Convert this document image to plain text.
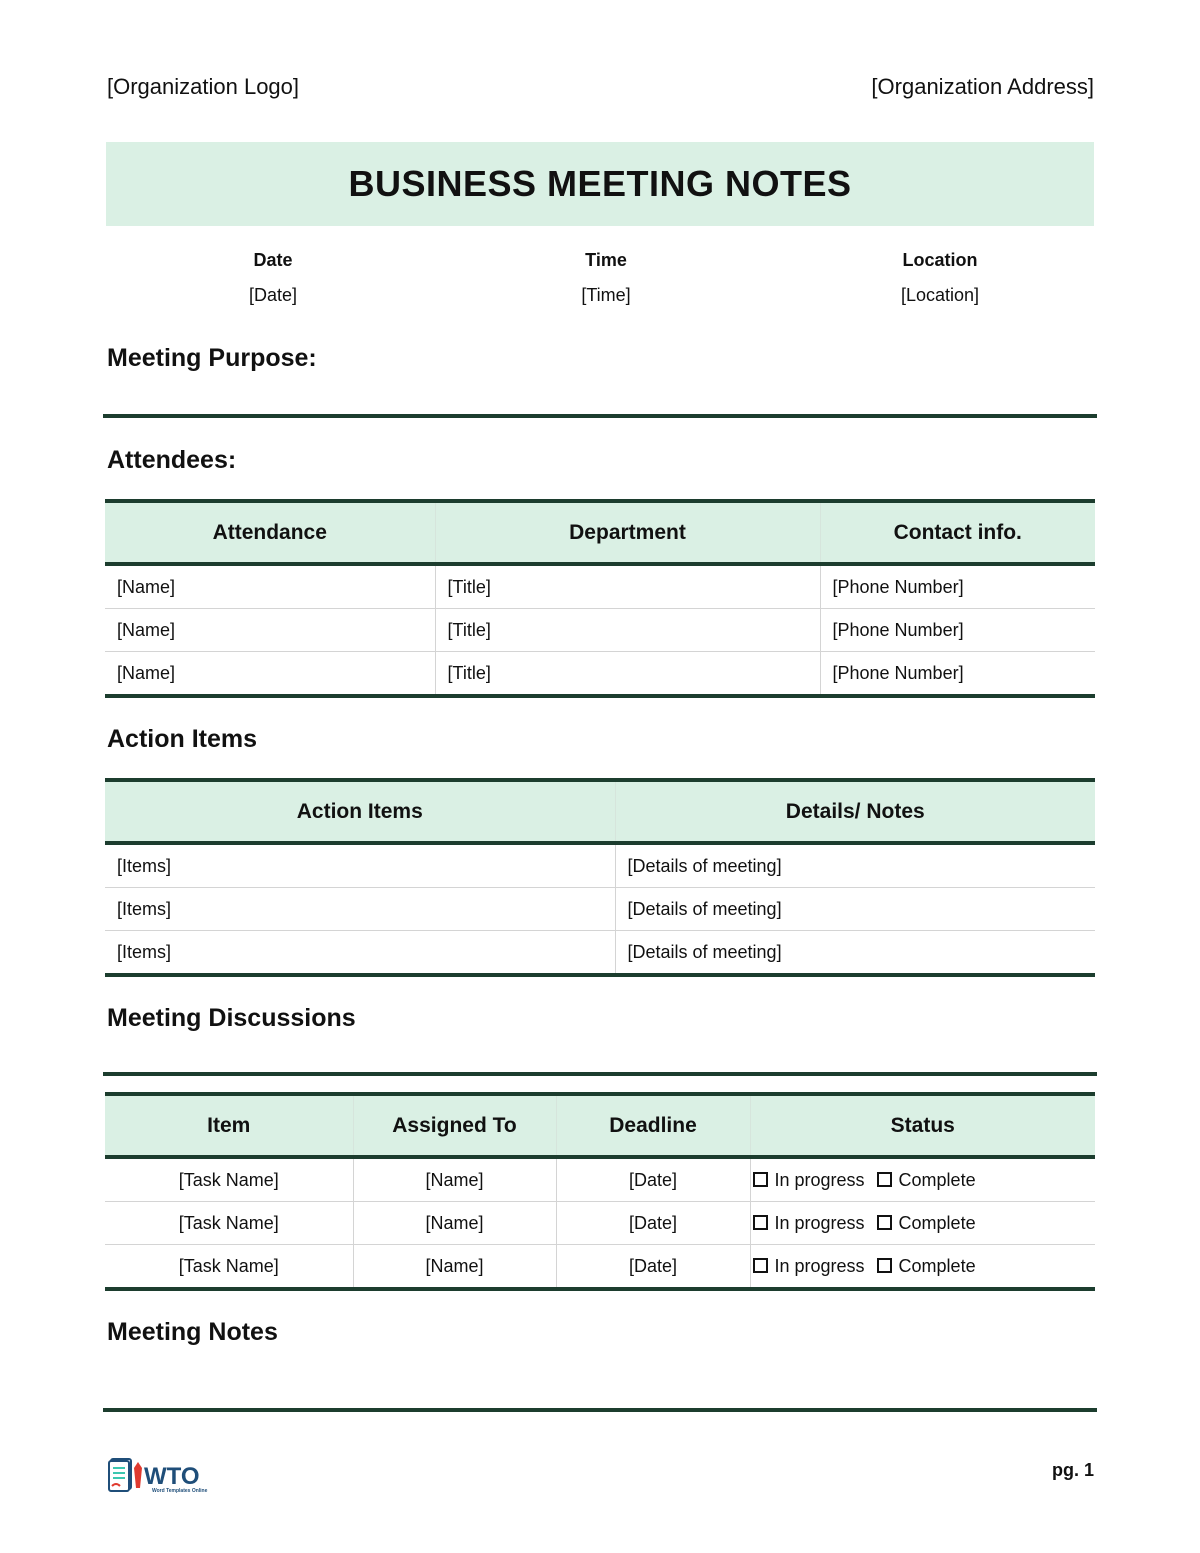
[Organization Logo]	[Organization Address]
BUSINESS MEETING NOTES
Date
[Date]
Time
[Time]
Location
[Location]
Meeting Purpose:
Attendees:
Attendance	Department	Contact info.
[Name]	[Title]	[Phone Number]
[Name]	[Title]	[Phone Number]
[Name]	[Title]	[Phone Number]
Action Items
Action Items	Details/ Notes
[Items]	[Details of meeting]
[Items]	[Details of meeting]
[Items]	[Details of meeting]
Meeting Discussions
Item	Assigned To	Deadline	Status
[Task Name]	[Name]	[Date]	In progress Complete
[Task Name]	[Name]	[Date]	In progress Complete
[Task Name]	[Name]	[Date]	In progress Complete
Meeting Notes
WTO
Word Templates Online
pg. 1
